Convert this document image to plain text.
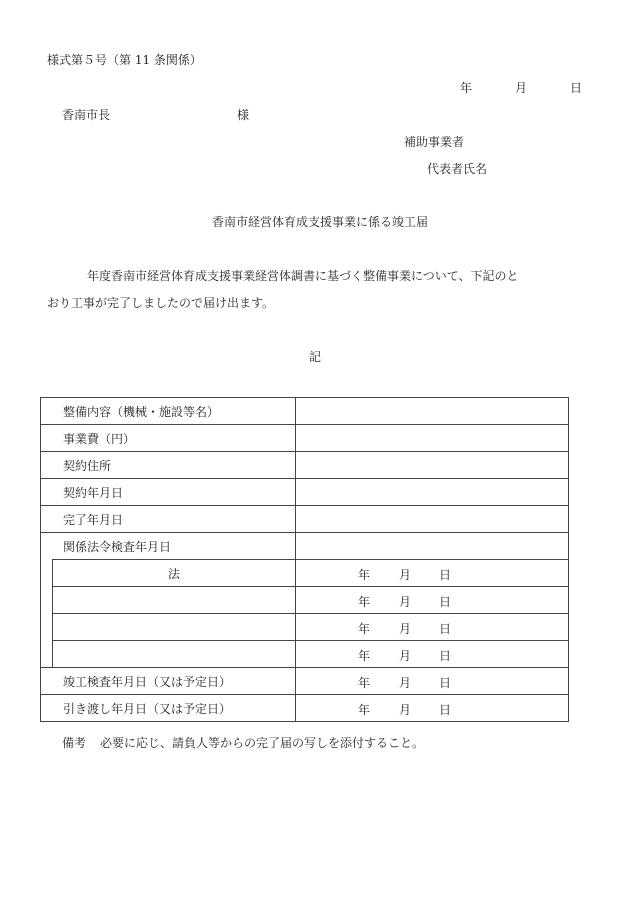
様式第５号（第 11 条関係）
年	月	日
香南市長	様
補助事業者
代表者氏名
香南市経営体育成支援事業に係る竣工届
年度香南市経営体育成支援事業経営体調書に基づく整備事業について、下記のと
おり工事が完了しましたので届け出ます。
記
整備内容（機械・施設等名）		
事業費（円）		
契約住所		
契約年月日		
完了年月日		
関係法令検査年月日		
	法	年 月 日

		年 月 日

		年 月 日

		年 月 日

竣工検査年月日（又は予定日）		年 月 日

引き渡し年月日（又は予定日）		年 月 日
備考 必要に応じ、請負人等からの完了届の写しを添付すること。
